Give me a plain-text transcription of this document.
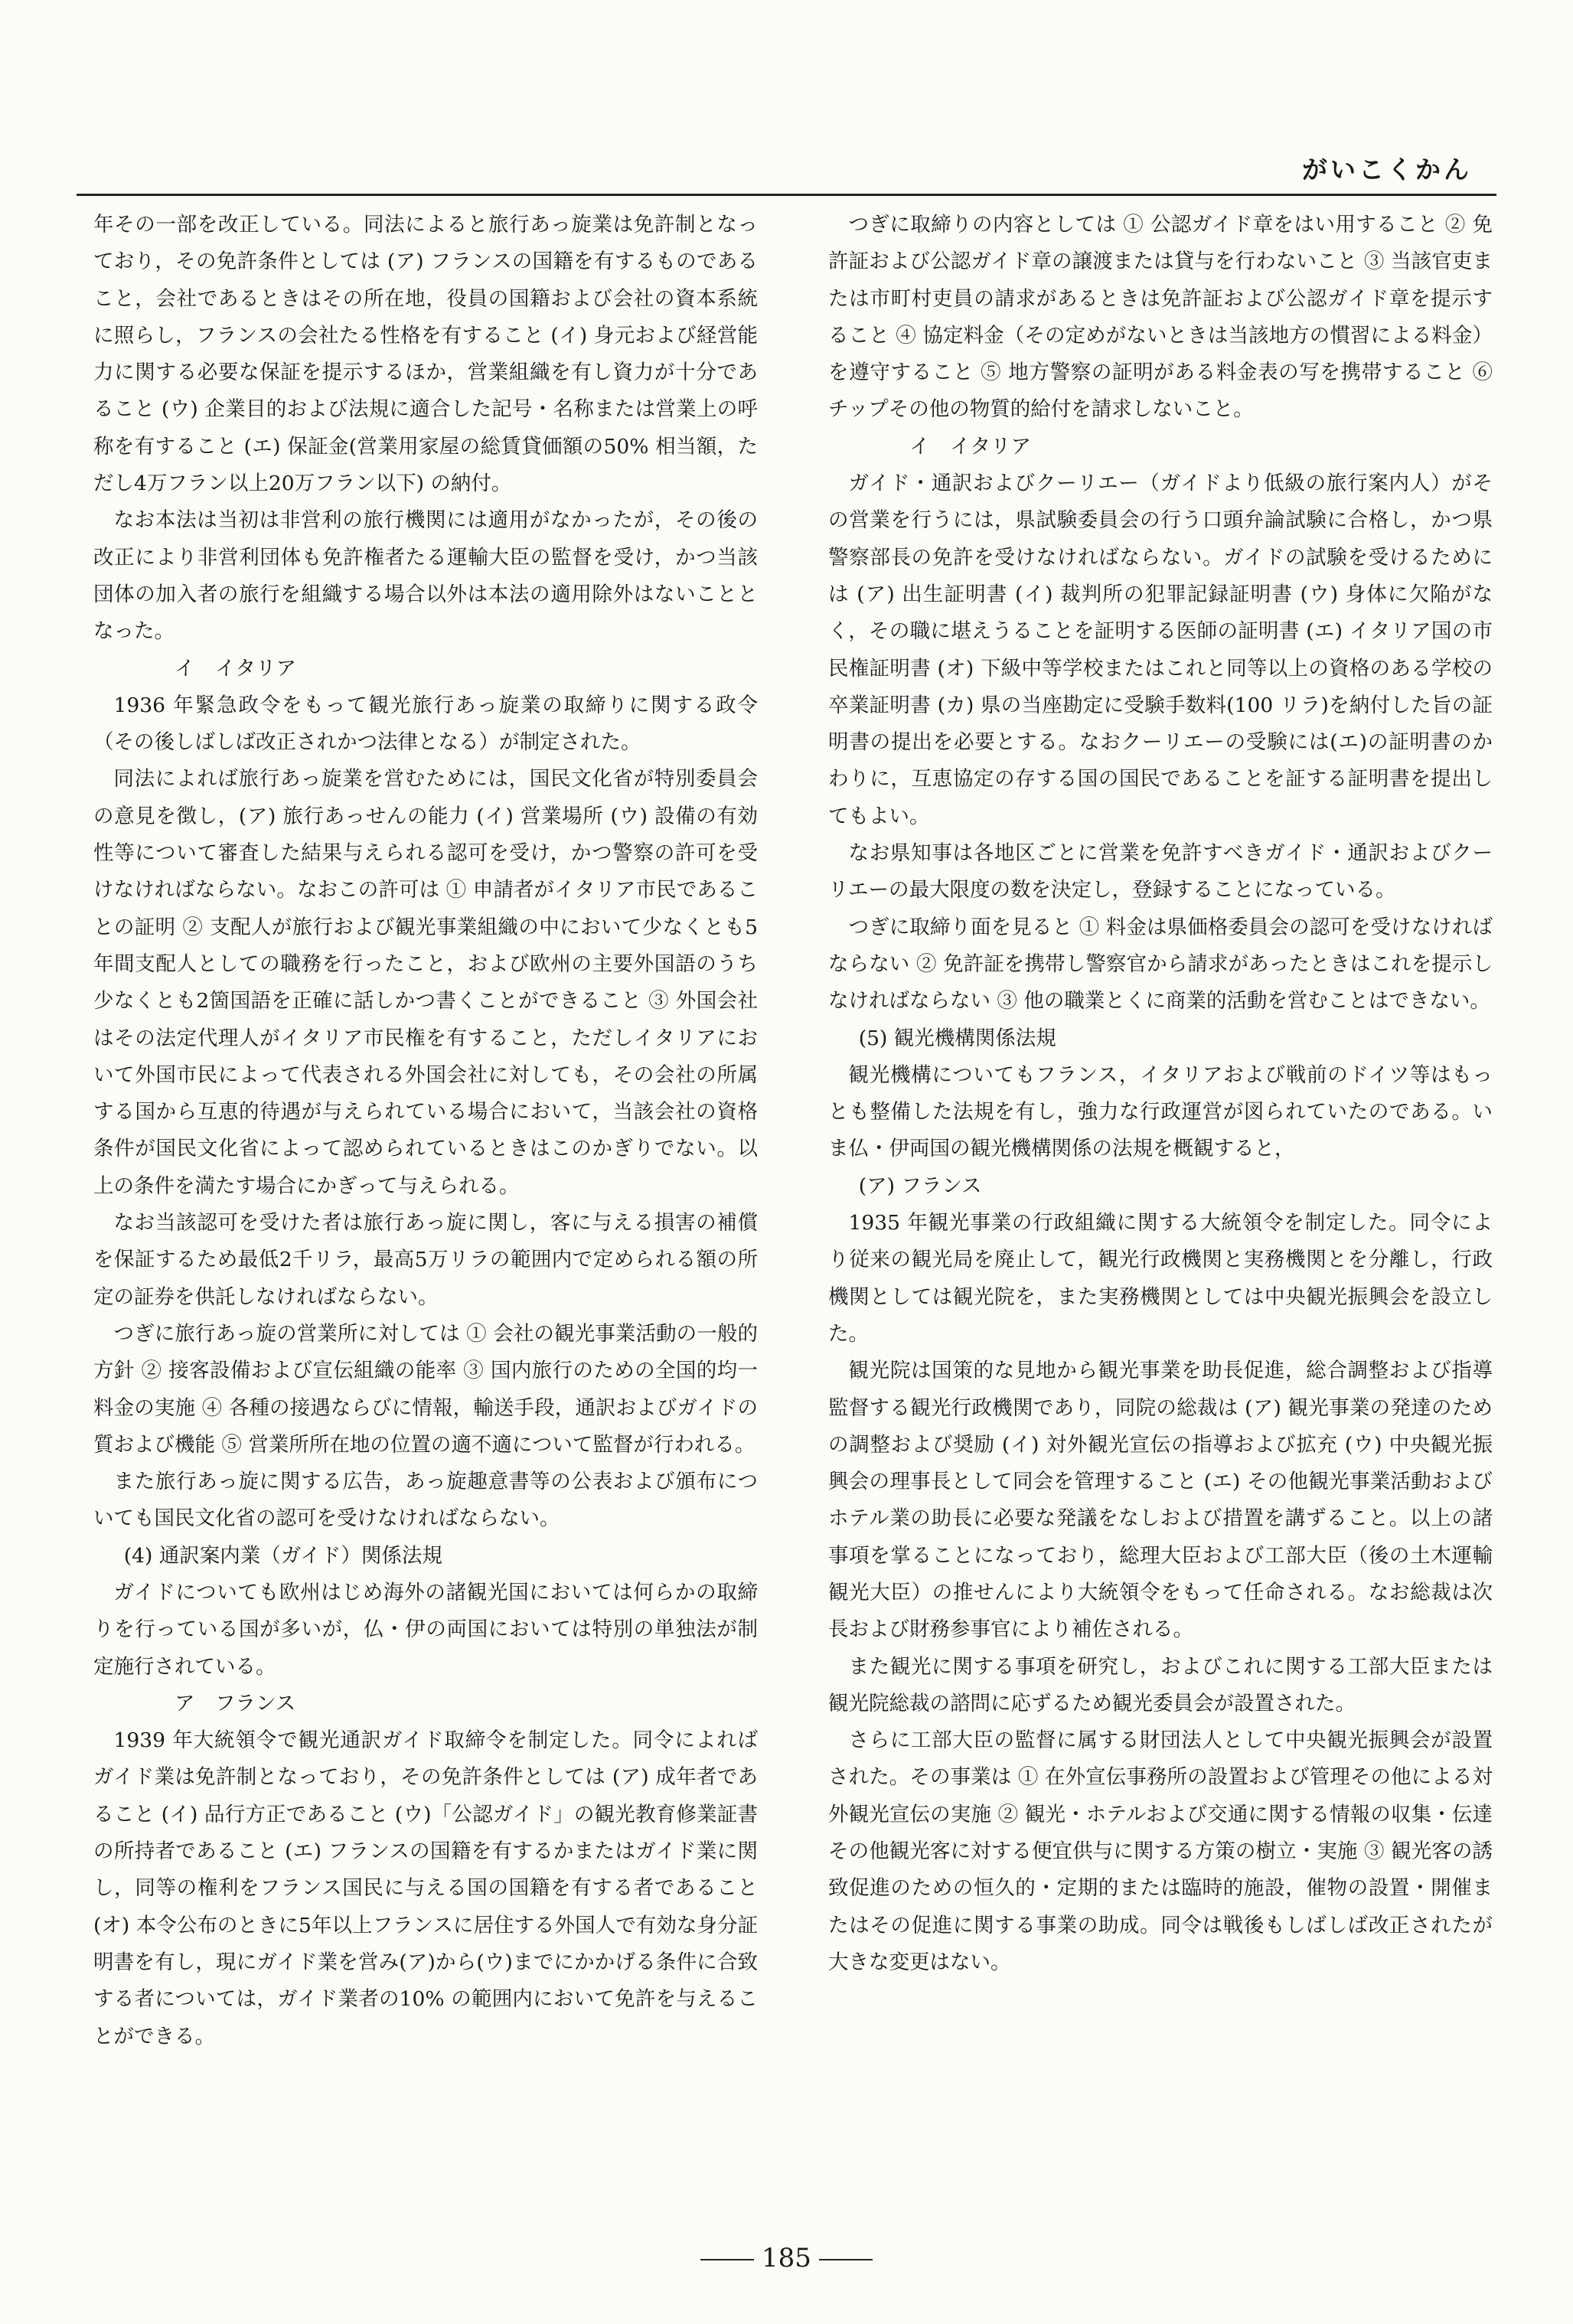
がいこくかん

年その一部を改正している。同法によると旅行あっ旋業は免許制となっており，その免許条件としては (ア) フランスの国籍を有するものであること，会社であるときはその所在地，役員の国籍および会社の資本系統に照らし，フランスの会社たる性格を有すること (イ) 身元および経営能力に関する必要な保証を提示するほか，営業組織を有し資力が十分であること (ウ) 企業目的および法規に適合した記号・名称または営業上の呼称を有すること (エ) 保証金(営業用家屋の総賃貸価額の50% 相当額，ただし4万フラン以上20万フラン以下) の納付。

なお本法は当初は非営利の旅行機関には適用がなかったが，その後の改正により非営利団体も免許権者たる運輸大臣の監督を受け，かつ当該団体の加入者の旅行を組織する場合以外は本法の適用除外はないこととなった。

イ　イタリア

1936 年緊急政令をもって観光旅行あっ旋業の取締りに関する政令（その後しばしば改正されかつ法律となる）が制定された。

同法によれば旅行あっ旋業を営むためには，国民文化省が特別委員会の意見を徴し，(ア) 旅行あっせんの能力 (イ) 営業場所 (ウ) 設備の有効性等について審査した結果与えられる認可を受け，かつ警察の許可を受けなければならない。なおこの許可は ① 申請者がイタリア市民であることの証明 ② 支配人が旅行および観光事業組織の中において少なくとも5年間支配人としての職務を行ったこと，および欧州の主要外国語のうち少なくとも2箇国語を正確に話しかつ書くことができること ③ 外国会社はその法定代理人がイタリア市民権を有すること，ただしイタリアにおいて外国市民によって代表される外国会社に対しても，その会社の所属する国から互恵的待遇が与えられている場合において，当該会社の資格条件が国民文化省によって認められているときはこのかぎりでない。以上の条件を満たす場合にかぎって与えられる。

なお当該認可を受けた者は旅行あっ旋に関し，客に与える損害の補償を保証するため最低2千リラ，最高5万リラの範囲内で定められる額の所定の証券を供託しなければならない。

つぎに旅行あっ旋の営業所に対しては ① 会社の観光事業活動の一般的方針 ② 接客設備および宣伝組織の能率 ③ 国内旅行のための全国的均一料金の実施 ④ 各種の接遇ならびに情報，輸送手段，通訳およびガイドの質および機能 ⑤ 営業所所在地の位置の適不適について監督が行われる。

また旅行あっ旋に関する広告，あっ旋趣意書等の公表および頒布についても国民文化省の認可を受けなければならない。

(4) 通訳案内業（ガイド）関係法規

ガイドについても欧州はじめ海外の諸観光国においては何らかの取締りを行っている国が多いが，仏・伊の両国においては特別の単独法が制定施行されている。

ア　フランス

1939 年大統領令で観光通訳ガイド取締令を制定した。同令によればガイド業は免許制となっており，その免許条件としては (ア) 成年者であること (イ) 品行方正であること (ウ)「公認ガイド」の観光教育修業証書の所持者であること (エ) フランスの国籍を有するかまたはガイド業に関し，同等の権利をフランス国民に与える国の国籍を有する者であること (オ) 本令公布のときに5年以上フランスに居住する外国人で有効な身分証明書を有し，現にガイド業を営み(ア)から(ウ)までにかかげる条件に合致する者については，ガイド業者の10% の範囲内において免許を与えることができる。

つぎに取締りの内容としては ① 公認ガイド章をはい用すること ② 免許証および公認ガイド章の譲渡または貸与を行わないこと ③ 当該官吏または市町村吏員の請求があるときは免許証および公認ガイド章を提示すること ④ 協定料金（その定めがないときは当該地方の慣習による料金）を遵守すること ⑤ 地方警察の証明がある料金表の写を携帯すること ⑥ チップその他の物質的給付を請求しないこと。

イ　イタリア

ガイド・通訳およびクーリエー（ガイドより低級の旅行案内人）がその営業を行うには，県試験委員会の行う口頭弁論試験に合格し，かつ県警察部長の免許を受けなければならない。ガイドの試験を受けるためには (ア) 出生証明書 (イ) 裁判所の犯罪記録証明書 (ウ) 身体に欠陥がなく，その職に堪えうることを証明する医師の証明書 (エ) イタリア国の市民権証明書 (オ) 下級中等学校またはこれと同等以上の資格のある学校の卒業証明書 (カ) 県の当座勘定に受験手数料(100 リラ)を納付した旨の証明書の提出を必要とする。なおクーリエーの受験には(エ)の証明書のかわりに，互恵協定の存する国の国民であることを証する証明書を提出してもよい。

なお県知事は各地区ごとに営業を免許すべきガイド・通訳およびクーリエーの最大限度の数を決定し，登録することになっている。

つぎに取締り面を見ると ① 料金は県価格委員会の認可を受けなければならない ② 免許証を携帯し警察官から請求があったときはこれを提示しなければならない ③ 他の職業とくに商業的活動を営むことはできない。

(5) 観光機構関係法規

観光機構についてもフランス，イタリアおよび戦前のドイツ等はもっとも整備した法規を有し，強力な行政運営が図られていたのである。いま仏・伊両国の観光機構関係の法規を概観すると，

(ア) フランス

1935 年観光事業の行政組織に関する大統領令を制定した。同令により従来の観光局を廃止して，観光行政機関と実務機関とを分離し，行政機関としては観光院を，また実務機関としては中央観光振興会を設立した。

観光院は国策的な見地から観光事業を助長促進，総合調整および指導監督する観光行政機関であり，同院の総裁は (ア) 観光事業の発達のための調整および奨励 (イ) 対外観光宣伝の指導および拡充 (ウ) 中央観光振興会の理事長として同会を管理すること (エ) その他観光事業活動およびホテル業の助長に必要な発議をなしおよび措置を講ずること。以上の諸事項を掌ることになっており，総理大臣および工部大臣（後の土木運輸観光大臣）の推せんにより大統領令をもって任命される。なお総裁は次長および財務参事官により補佐される。

また観光に関する事項を研究し，およびこれに関する工部大臣または観光院総裁の諮問に応ずるため観光委員会が設置された。

さらに工部大臣の監督に属する財団法人として中央観光振興会が設置された。その事業は ① 在外宣伝事務所の設置および管理その他による対外観光宣伝の実施 ② 観光・ホテルおよび交通に関する情報の収集・伝達その他観光客に対する便宜供与に関する方策の樹立・実施 ③ 観光客の誘致促進のための恒久的・定期的または臨時的施設，催物の設置・開催またはその促進に関する事業の助成。同令は戦後もしばしば改正されたが大きな変更はない。

185
